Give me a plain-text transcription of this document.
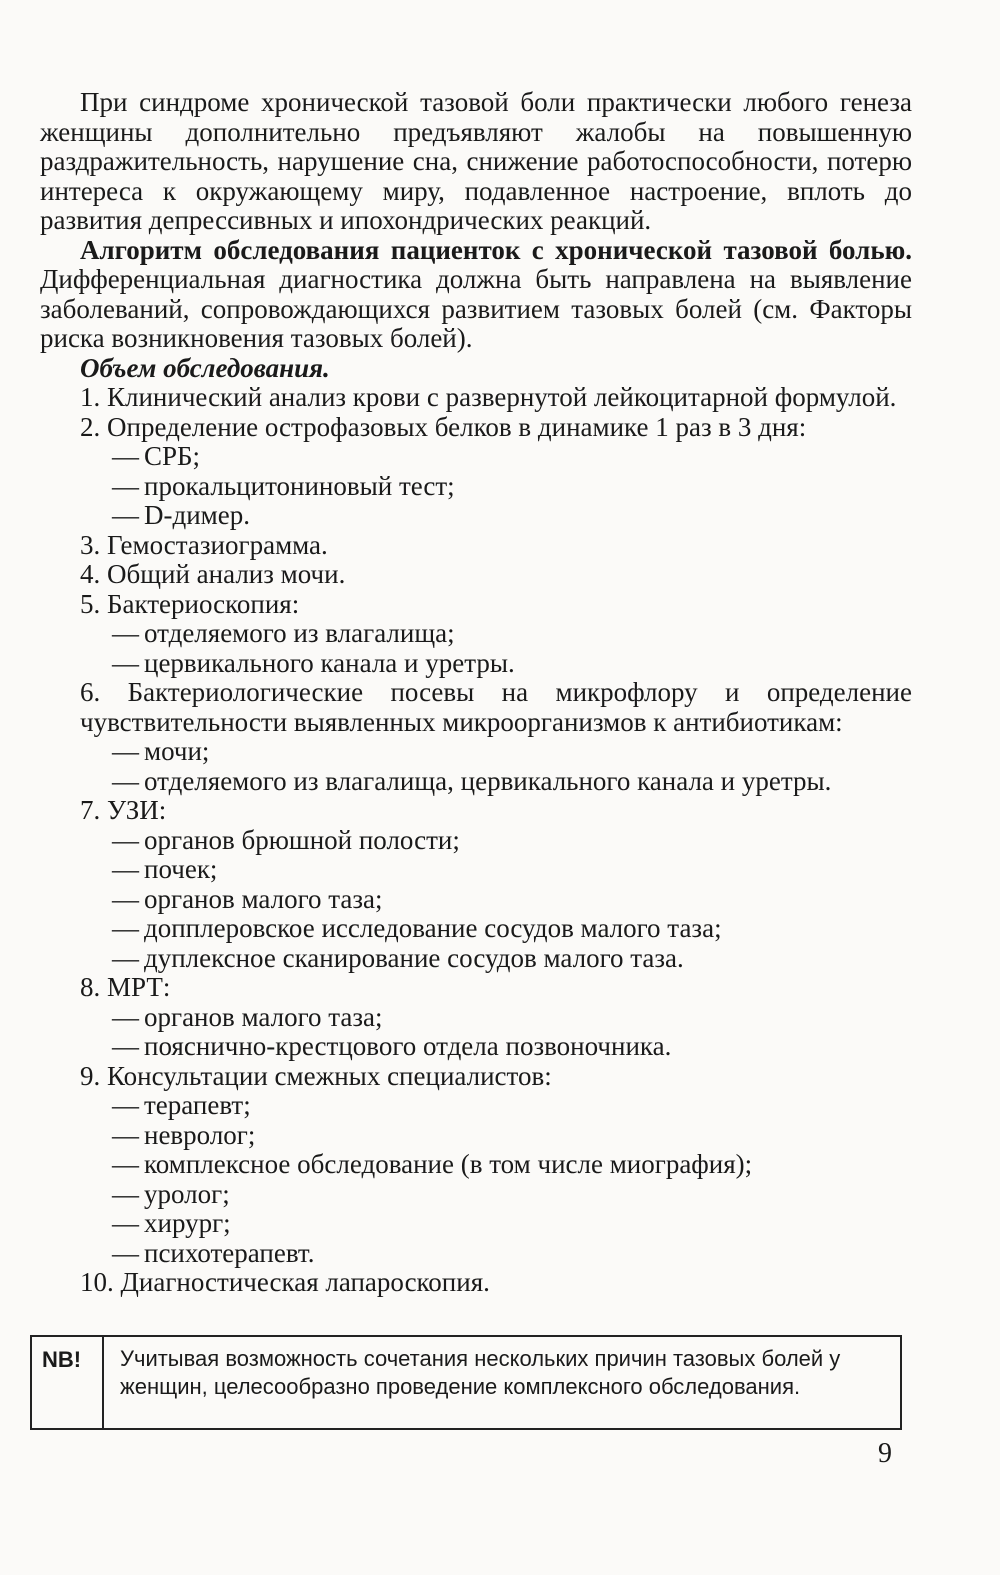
При синдроме хронической тазовой боли практически любого генеза женщины дополнительно предъявляют жалобы на повышенную раздражительность, нарушение сна, снижение работоспособности, потерю интереса к окружающему миру, подавленное настроение, вплоть до развития депрессивных и ипохондрических реакций.

Алгоритм обследования пациенток с хронической тазовой болью. Дифференциальная диагностика должна быть направлена на выявление заболеваний, сопровождающихся развитием тазовых болей (см. Факторы риска возникновения тазовых болей).

Объем обследования.

1. Клинический анализ крови с развернутой лейкоцитарной формулой.

2. Определение острофазовых белков в динамике 1 раз в 3 дня:

— СРБ;

— прокальцитониновый тест;

— D-димер.

3. Гемостазиограмма.

4. Общий анализ мочи.

5. Бактериоскопия:

— отделяемого из влагалища;

— цервикального канала и уретры.

6. Бактериологические посевы на микрофлору и определение чувствительности выявленных микроорганизмов к антибиотикам:

— мочи;

— отделяемого из влагалища, цервикального канала и уретры.

7. УЗИ:

— органов брюшной полости;

— почек;

— органов малого таза;

— допплеровское исследование сосудов малого таза;

— дуплексное сканирование сосудов малого таза.

8. МРТ:

— органов малого таза;

— пояснично-крестцового отдела позвоночника.

9. Консультации смежных специалистов:

— терапевт;

— невролог;

— комплексное обследование (в том числе миография);

— уролог;

— хирург;

— психотерапевт.

10. Диагностическая лапароскопия.

NB!	Учитывая возможность сочетания нескольких причин тазовых болей у женщин, целесообразно проведение комплексного обследования.
9
